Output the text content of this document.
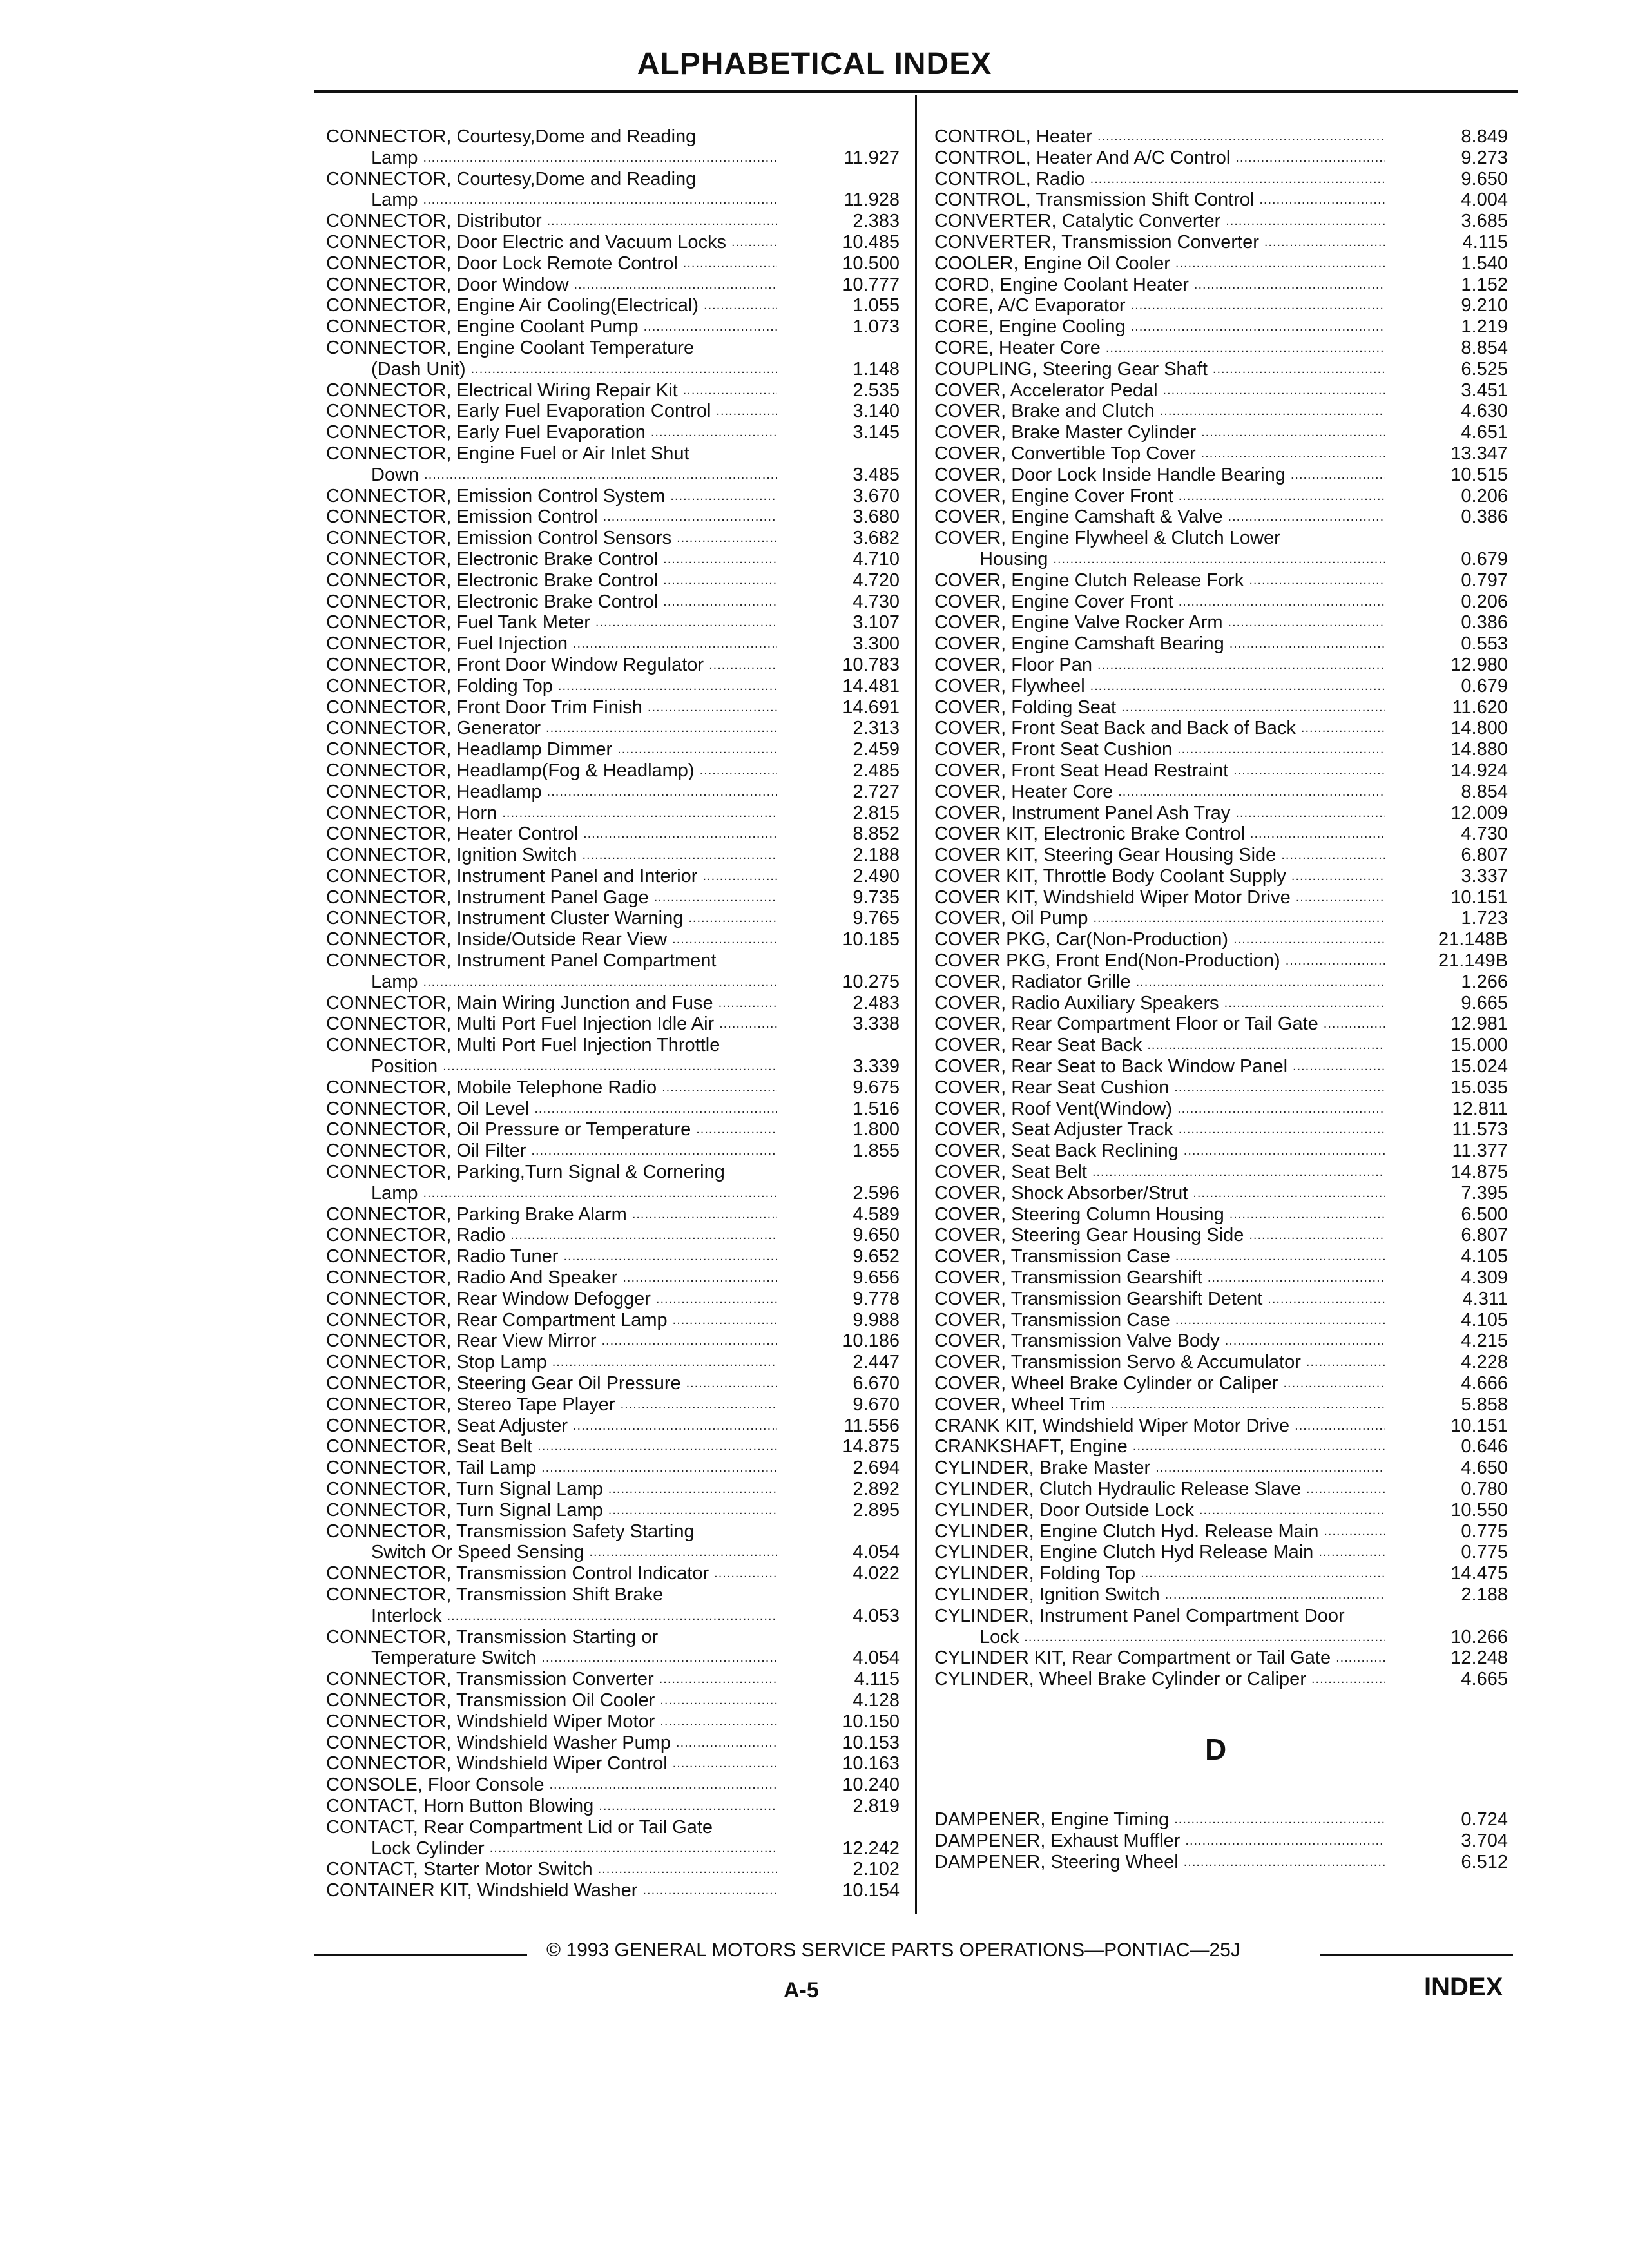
ALPHABETICAL INDEX
CONNECTOR, Courtesy,Dome and Reading
Lamp .....	11.927
CONNECTOR, Courtesy,Dome and Reading
Lamp .....	11.928
CONNECTOR, Distributor .....	2.383
CONNECTOR, Door Electric and Vacuum Locks .....	10.485
CONNECTOR, Door Lock Remote Control .....	10.500
CONNECTOR, Door Window .....	10.777
CONNECTOR, Engine Air Cooling(Electrical) .....	1.055
CONNECTOR, Engine Coolant Pump .....	1.073
CONNECTOR, Engine Coolant Temperature
(Dash Unit) .....	1.148
CONNECTOR, Electrical Wiring Repair Kit .....	2.535
CONNECTOR, Early Fuel Evaporation Control .....	3.140
CONNECTOR, Early Fuel Evaporation .....	3.145
CONNECTOR, Engine Fuel or Air Inlet Shut
Down .....	3.485
CONNECTOR, Emission Control System .....	3.670
CONNECTOR, Emission Control .....	3.680
CONNECTOR, Emission Control Sensors .....	3.682
CONNECTOR, Electronic Brake Control .....	4.710
CONNECTOR, Electronic Brake Control .....	4.720
CONNECTOR, Electronic Brake Control .....	4.730
CONNECTOR, Fuel Tank Meter .....	3.107
CONNECTOR, Fuel Injection .....	3.300
CONNECTOR, Front Door Window Regulator .....	10.783
CONNECTOR, Folding Top .....	14.481
CONNECTOR, Front Door Trim Finish .....	14.691
CONNECTOR, Generator .....	2.313
CONNECTOR, Headlamp Dimmer .....	2.459
CONNECTOR, Headlamp(Fog & Headlamp) .....	2.485
CONNECTOR, Headlamp .....	2.727
CONNECTOR, Horn .....	2.815
CONNECTOR, Heater Control .....	8.852
CONNECTOR, Ignition Switch .....	2.188
CONNECTOR, Instrument Panel and Interior .....	2.490
CONNECTOR, Instrument Panel Gage .....	9.735
CONNECTOR, Instrument Cluster Warning .....	9.765
CONNECTOR, Inside/Outside Rear View .....	10.185
CONNECTOR, Instrument Panel Compartment
Lamp .....	10.275
CONNECTOR, Main Wiring Junction and Fuse .....	2.483
CONNECTOR, Multi Port Fuel Injection Idle Air .....	3.338
CONNECTOR, Multi Port Fuel Injection Throttle
Position .....	3.339
CONNECTOR, Mobile Telephone Radio .....	9.675
CONNECTOR, Oil Level .....	1.516
CONNECTOR, Oil Pressure or Temperature .....	1.800
CONNECTOR, Oil Filter .....	1.855
CONNECTOR, Parking,Turn Signal & Cornering
Lamp .....	2.596
CONNECTOR, Parking Brake Alarm .....	4.589
CONNECTOR, Radio .....	9.650
CONNECTOR, Radio Tuner .....	9.652
CONNECTOR, Radio And Speaker .....	9.656
CONNECTOR, Rear Window Defogger .....	9.778
CONNECTOR, Rear Compartment Lamp .....	9.988
CONNECTOR, Rear View Mirror .....	10.186
CONNECTOR, Stop Lamp .....	2.447
CONNECTOR, Steering Gear Oil Pressure .....	6.670
CONNECTOR, Stereo Tape Player .....	9.670
CONNECTOR, Seat Adjuster .....	11.556
CONNECTOR, Seat Belt .....	14.875
CONNECTOR, Tail Lamp .....	2.694
CONNECTOR, Turn Signal Lamp .....	2.892
CONNECTOR, Turn Signal Lamp .....	2.895
CONNECTOR, Transmission Safety Starting
Switch Or Speed Sensing .....	4.054
CONNECTOR, Transmission Control Indicator .....	4.022
CONNECTOR, Transmission Shift Brake
Interlock .....	4.053
CONNECTOR, Transmission Starting or
Temperature Switch .....	4.054
CONNECTOR, Transmission Converter .....	4.115
CONNECTOR, Transmission Oil Cooler .....	4.128
CONNECTOR, Windshield Wiper Motor .....	10.150
CONNECTOR, Windshield Washer Pump .....	10.153
CONNECTOR, Windshield Wiper Control .....	10.163
CONSOLE, Floor Console .....	10.240
CONTACT, Horn Button Blowing .....	2.819
CONTACT, Rear Compartment Lid or Tail Gate
Lock Cylinder .....	12.242
CONTACT, Starter Motor Switch .....	2.102
CONTAINER KIT, Windshield Washer .....	10.154
CONTROL, Heater .....	8.849
CONTROL, Heater And A/C Control .....	9.273
CONTROL, Radio .....	9.650
CONTROL, Transmission Shift Control .....	4.004
CONVERTER, Catalytic Converter .....	3.685
CONVERTER, Transmission Converter .....	4.115
COOLER, Engine Oil Cooler .....	1.540
CORD, Engine Coolant Heater .....	1.152
CORE, A/C Evaporator .....	9.210
CORE, Engine Cooling .....	1.219
CORE, Heater Core .....	8.854
COUPLING, Steering Gear Shaft .....	6.525
COVER, Accelerator Pedal .....	3.451
COVER, Brake and Clutch .....	4.630
COVER, Brake Master Cylinder .....	4.651
COVER, Convertible Top Cover .....	13.347
COVER, Door Lock Inside Handle Bearing .....	10.515
COVER, Engine Cover Front .....	0.206
COVER, Engine Camshaft & Valve .....	0.386
COVER, Engine Flywheel & Clutch Lower
Housing .....	0.679
COVER, Engine Clutch Release Fork .....	0.797
COVER, Engine Cover Front .....	0.206
COVER, Engine Valve Rocker Arm .....	0.386
COVER, Engine Camshaft Bearing .....	0.553
COVER, Floor Pan .....	12.980
COVER, Flywheel .....	0.679
COVER, Folding Seat .....	11.620
COVER, Front Seat Back and Back of Back .....	14.800
COVER, Front Seat Cushion .....	14.880
COVER, Front Seat Head Restraint .....	14.924
COVER, Heater Core .....	8.854
COVER, Instrument Panel Ash Tray .....	12.009
COVER KIT, Electronic Brake Control .....	4.730
COVER KIT, Steering Gear Housing Side .....	6.807
COVER KIT, Throttle Body Coolant Supply .....	3.337
COVER KIT, Windshield Wiper Motor Drive .....	10.151
COVER, Oil Pump .....	1.723
COVER PKG, Car(Non-Production) .....	21.148B
COVER PKG, Front End(Non-Production) .....	21.149B
COVER, Radiator Grille .....	1.266
COVER, Radio Auxiliary Speakers .....	9.665
COVER, Rear Compartment Floor or Tail Gate .....	12.981
COVER, Rear Seat Back .....	15.000
COVER, Rear Seat to Back Window Panel .....	15.024
COVER, Rear Seat Cushion .....	15.035
COVER, Roof Vent(Window) .....	12.811
COVER, Seat Adjuster Track .....	11.573
COVER, Seat Back Reclining .....	11.377
COVER, Seat Belt .....	14.875
COVER, Shock Absorber/Strut .....	7.395
COVER, Steering Column Housing .....	6.500
COVER, Steering Gear Housing Side .....	6.807
COVER, Transmission Case .....	4.105
COVER, Transmission Gearshift .....	4.309
COVER, Transmission Gearshift Detent .....	4.311
COVER, Transmission Case .....	4.105
COVER, Transmission Valve Body .....	4.215
COVER, Transmission Servo & Accumulator .....	4.228
COVER, Wheel Brake Cylinder or Caliper .....	4.666
COVER, Wheel Trim .....	5.858
CRANK KIT, Windshield Wiper Motor Drive .....	10.151
CRANKSHAFT, Engine .....	0.646
CYLINDER, Brake Master .....	4.650
CYLINDER, Clutch Hydraulic Release Slave .....	0.780
CYLINDER, Door Outside Lock .....	10.550
CYLINDER, Engine Clutch Hyd. Release Main .....	0.775
CYLINDER, Engine Clutch Hyd Release Main .....	0.775
CYLINDER, Folding Top .....	14.475
CYLINDER, Ignition Switch .....	2.188
CYLINDER, Instrument Panel Compartment Door
Lock .....	10.266
CYLINDER KIT, Rear Compartment or Tail Gate .....	12.248
CYLINDER, Wheel Brake Cylinder or Caliper .....	4.665
D
DAMPENER, Engine Timing .....	0.724
DAMPENER, Exhaust Muffler .....	3.704
DAMPENER, Steering Wheel .....	6.512
© 1993 GENERAL MOTORS SERVICE PARTS OPERATIONS—PONTIAC—25J
A-5	INDEX
